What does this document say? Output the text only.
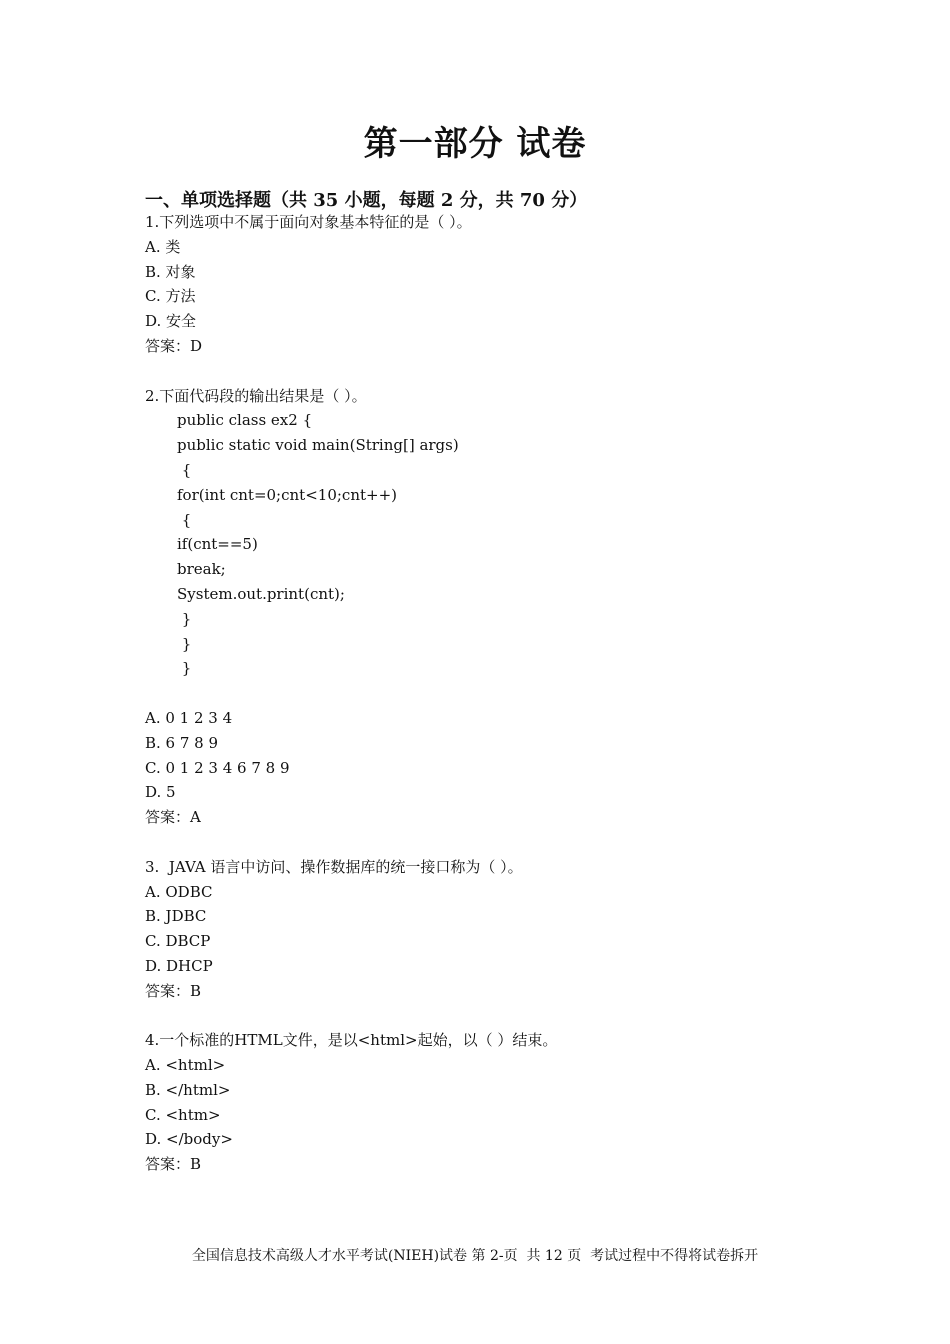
第一部分 试卷
一、单项选择题（共 35 小题，每题 2 分，共 70 分）
1.下列选项中不属于面向对象基本特征的是（ ）。
A. 类
B. 对象
C. 方法
D. 安全
答案：D
2.下面代码段的输出结果是（ ）。
public class ex2 {
public static void main(String[] args)
{
for(int cnt=0;cnt<10;cnt++)
{
if(cnt==5)
break;
System.out.print(cnt);
}
}
}
A. 0 1 2 3 4
B. 6 7 8 9
C. 0 1 2 3 4 6 7 8 9
D. 5
答案：A
3.  JAVA 语言中访问、操作数据库的统一接口称为（ ）。
A. ODBC
B. JDBC
C. DBCP
D. DHCP
答案：B
4.一个标准的HTML文件，是以<html>起始，以（ ）结束。
A. <html>
B. </html>
C. <htm>
D. </body>
答案：B
全国信息技术高级人才水平考试(NIEH)试卷 第 2-页  共 12 页  考试过程中不得将试卷拆开
